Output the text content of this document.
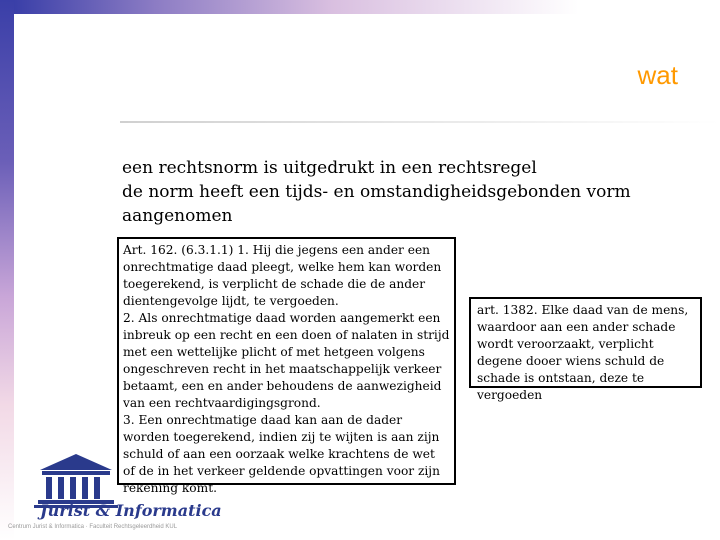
wat
een rechtsnorm is uitgedrukt in een rechtsregel
de norm heeft een tijds- en omstandigheidsgebonden vorm
aangenomen

Art. 162. (6.3.1.1) 1. Hij die jegens een ander een onrechtmatige daad pleegt, welke hem kan worden toegerekend, is verplicht de schade die de ander dientengevolge lijdt, te vergoeden.

2. Als onrechtmatige daad worden aangemerkt een inbreuk op een recht en een doen of nalaten in strijd met een wettelijke plicht of met hetgeen volgens ongeschreven recht in het maatschappelijk verkeer betaamt, een en ander behoudens de aanwezigheid van een rechtvaardigingsgrond.

3. Een onrechtmatige daad kan aan de dader worden toegerekend, indien zij te wijten is aan zijn schuld of aan een oorzaak welke krachtens de wet of de in het verkeer geldende opvattingen voor zijn rekening komt.

art. 1382. Elke daad van de mens, waardoor aan een ander schade wordt veroorzaakt, verplicht degene dooer wiens schuld de schade is ontstaan, deze te vergoeden
Jurist & Informatica
Centrum Jurist & Informatica · Faculteit Rechtsgeleerdheid KUL
